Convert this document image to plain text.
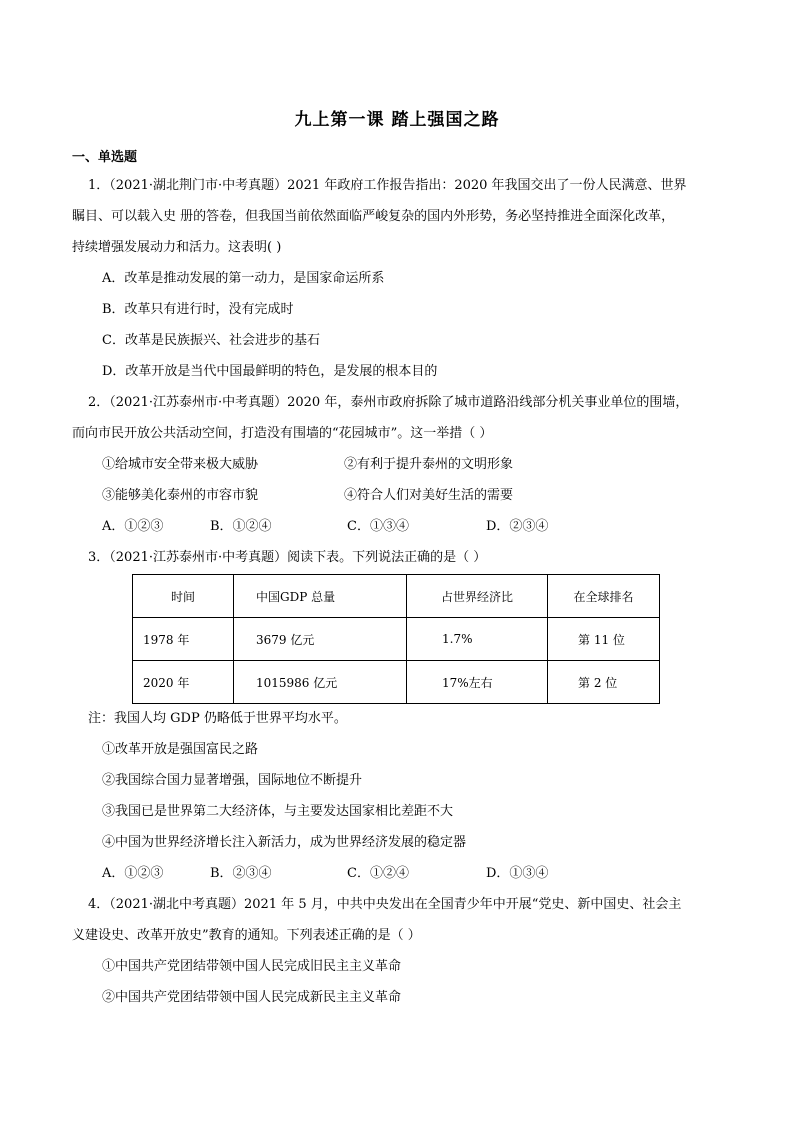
九上第一课 踏上强国之路
一、单选题
1．（2021·湖北荆门市·中考真题）2021 年政府工作报告指出：2020 年我国交出了一份人民满意、世界
瞩目、可以载入史 册的答卷，但我国当前依然面临严峻复杂的国内外形势，务必坚持推进全面深化改革，
持续增强发展动力和活力。这表明( )
A．改革是推动发展的第一动力，是国家命运所系
B．改革只有进行时，没有完成时
C．改革是民族振兴、社会进步的基石
D．改革开放是当代中国最鲜明的特色，是发展的根本目的
2．（2021·江苏泰州市·中考真题）2020 年，泰州市政府拆除了城市道路沿线部分机关事业单位的围墙，
而向市民开放公共活动空间，打造没有围墙的“花园城市”。这一举措（ ）
①给城市安全带来极大威胁	②有利于提升泰州的文明形象
③能够美化泰州的市容市貌	④符合人们对美好生活的需要
A．①②③	B．①②④	C．①③④	D．②③④
3．（2021·江苏泰州市·中考真题）阅读下表。下列说法正确的是（ ）
时间	中国GDP 总量	占世界经济比	在全球排名
1978 年	3679 亿元	1.7%	第 11 位
2020 年	1015986 亿元	17%左右	第 2 位
注：我国人均 GDP 仍略低于世界平均水平。
①改革开放是强国富民之路
②我国综合国力显著增强，国际地位不断提升
③我国已是世界第二大经济体，与主要发达国家相比差距不大
④中国为世界经济增长注入新活力，成为世界经济发展的稳定器
A．①②③	B．②③④	C．①②④	D．①③④
4．（2021·湖北中考真题）2021 年 5 月，中共中央发出在全国青少年中开展“党史、新中国史、社会主
义建设史、改革开放史”教育的通知。下列表述正确的是（ ）
①中国共产党团结带领中国人民完成旧民主主义革命
②中国共产党团结带领中国人民完成新民主主义革命
